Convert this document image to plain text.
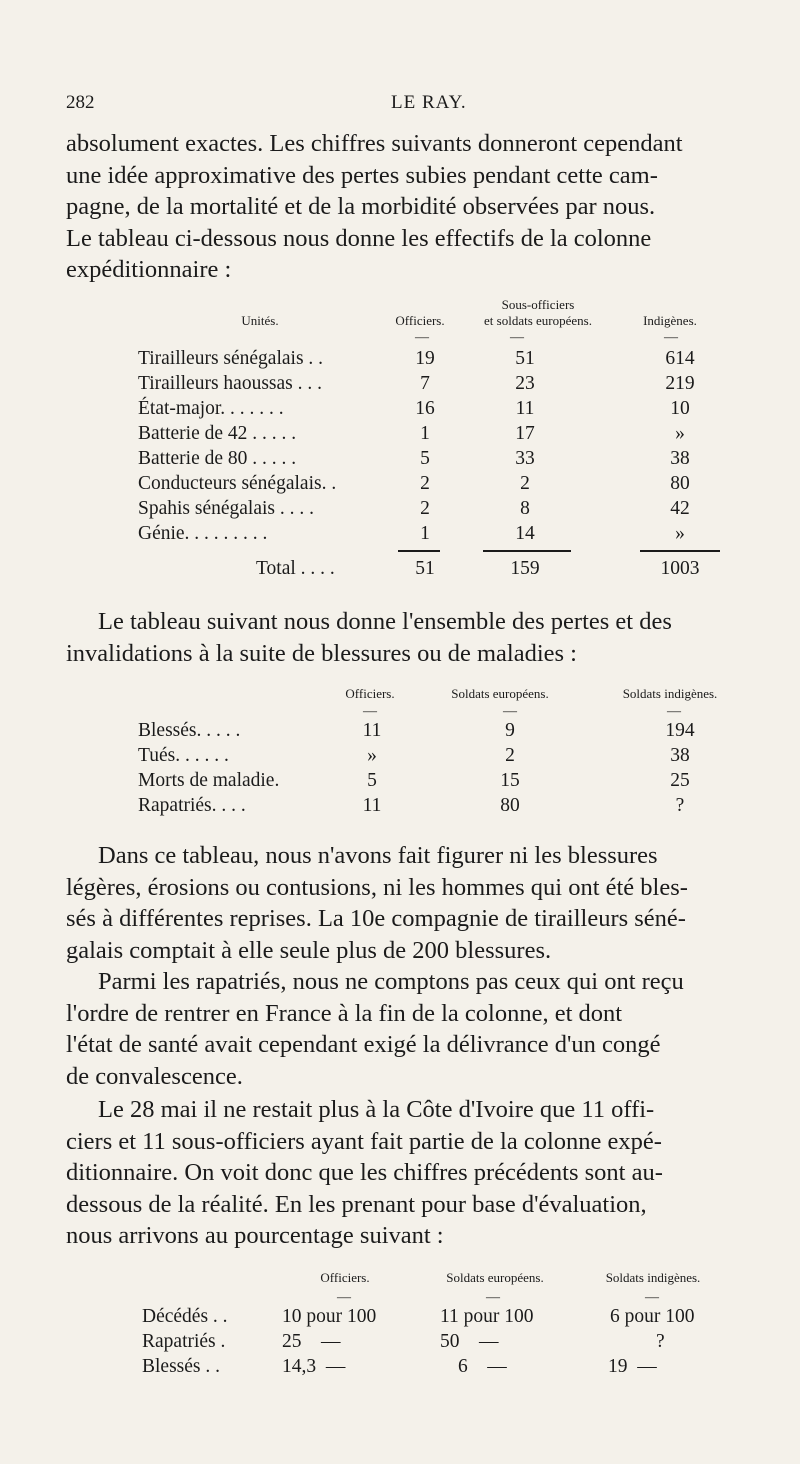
282	LE RAY.
absolument exactes. Les chiffres suivants donneront cependant
une idée approximative des pertes subies pendant cette cam-
pagne, de la mortalité et de la morbidité observées par nous.
Le tableau ci-dessous nous donne les effectifs de la colonne
expéditionnaire :
Unités.	Officiers.
Sous-officiers
et soldats européens.	Indigènes.
—	—	—
Tirailleurs sénégalais . .	19	51	614
Tirailleurs haoussas . . .	7	23	219
État-major. . . . . . .	16	11	10
Batterie de 42 . . . . .	1	17	»
Batterie de 80 . . . . .	5	33	38
Conducteurs sénégalais. .	2	2	80
Spahis sénégalais . . . .	2	8	42
Génie. . . . . . . . .	1	14	»
Total . . . .	51	159	1003
Le tableau suivant nous donne l'ensemble des pertes et des
invalidations à la suite de blessures ou de maladies :
Officiers.	Soldats européens.	Soldats indigènes.
—	—	—
Blessés. . . . .	11	9	194
Tués. . . . . .	»	2	38
Morts de maladie.	5	15	25
Rapatriés. . . .	11	80	?
Dans ce tableau, nous n'avons fait figurer ni les blessures
légères, érosions ou contusions, ni les hommes qui ont été bles-
sés à différentes reprises. La 10e compagnie de tirailleurs séné-
galais comptait à elle seule plus de 200 blessures.
Parmi les rapatriés, nous ne comptons pas ceux qui ont reçu
l'ordre de rentrer en France à la fin de la colonne, et dont
l'état de santé avait cependant exigé la délivrance d'un congé
de convalescence.
Le 28 mai il ne restait plus à la Côte d'Ivoire que 11 offi-
ciers et 11 sous-officiers ayant fait partie de la colonne expé-
ditionnaire. On voit donc que les chiffres précédents sont au-
dessous de la réalité. En les prenant pour base d'évaluation,
nous arrivons au pourcentage suivant :
Officiers.	Soldats européens.	Soldats indigènes.
—	—	—
Décédés . .	10 pour 100	11 pour 100	6 pour 100
Rapatriés .	25    —	50    —	?
Blessés . .	14,3  —	6    —	19  —
